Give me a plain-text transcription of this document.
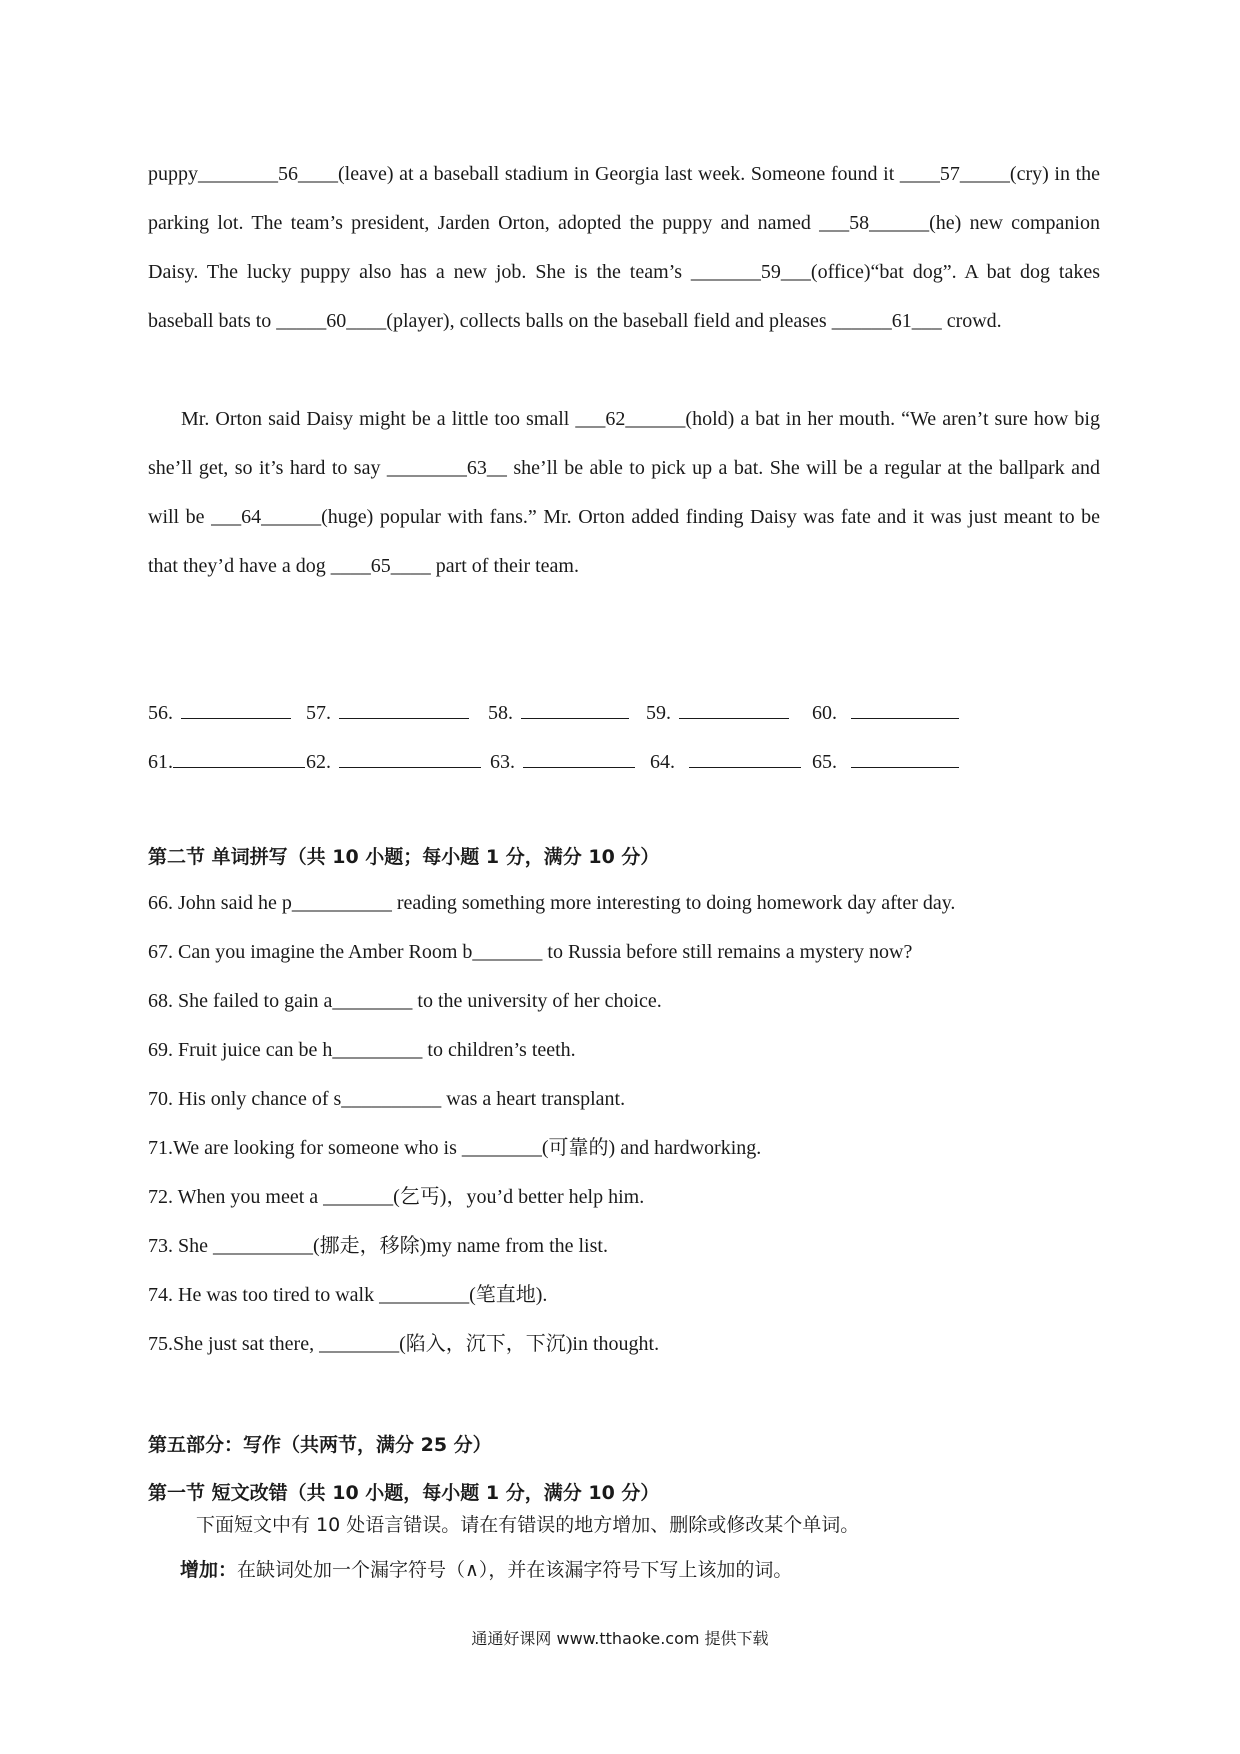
puppy________56____(leave) at a baseball stadium in Georgia last week. Someone found it ____57_____(cry) in the parking lot. The team’s president, Jarden Orton, adopted the puppy and named ___58______(he) new companion Daisy. The lucky puppy also has a new job. She is the team’s _______59___(office)“bat dog”. A bat dog takes baseball bats to _____60____(player), collects balls on the baseball field and pleases ______61___ crowd.

Mr. Orton said Daisy might be a little too small ___62______(hold) a bat in her mouth. “We aren’t sure how big she’ll get, so it’s hard to say ________63__ she’ll be able to pick up a bat. She will be a regular at the ballpark and will be ___64______(huge) popular with fans.” Mr. Orton added finding Daisy was fate and it was just meant to be that they’d have a dog ____65____ part of their team.

56.	57.	58.	59.	60.
61.	62.	63.	64.	65.
第二节 单词拼写（共 10 小题；每小题 1 分，满分 10 分）
66. John said he p__________ reading something more interesting to doing homework day after day.
67. Can you imagine the Amber Room b_______ to Russia before still remains a mystery now?
68. She failed to gain a________ to the university of her choice.
69. Fruit juice can be h_________ to children’s teeth.
70. His only chance of s__________ was a heart transplant.
71.We are looking for someone who is ________(可靠的) and hardworking.
72. When you meet a _______(乞丐)，you’d better help him.
73. She __________(挪走，移除)my name from the list.
74. He was too tired to walk _________(笔直地).
75.She just sat there, ________(陷入，沉下，下沉)in thought.
第五部分：写作（共两节，满分 25 分）
第一节 短文改错（共 10 小题，每小题 1 分，满分 10 分）
下面短文中有 10 处语言错误。请在有错误的地方增加、删除或修改某个单词。
增加：在缺词处加一个漏字符号（∧），并在该漏字符号下写上该加的词。
通通好课网 www.tthaoke.com 提供下载
